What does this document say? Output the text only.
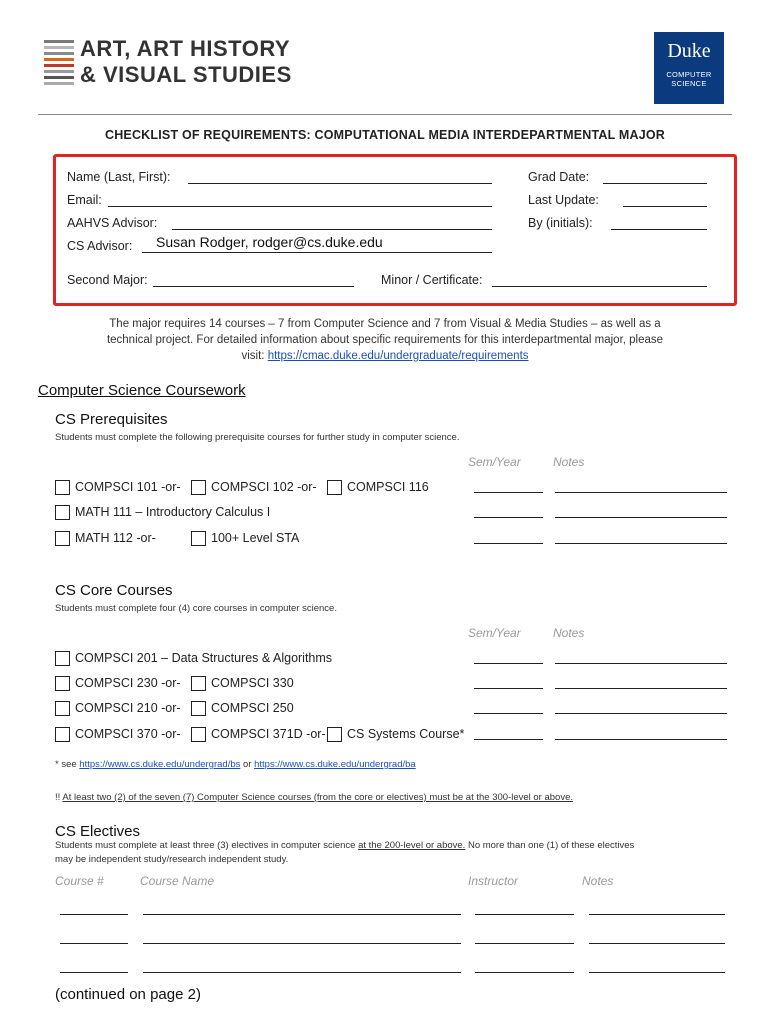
ART, ART HISTORY
& VISUAL STUDIES
Duke
COMPUTER
SCIENCE
CHECKLIST OF REQUIREMENTS: COMPUTATIONAL MEDIA INTERDEPARTMENTAL MAJOR
Name (Last, First):
Email:
AAHVS Advisor:
CS Advisor: Susan Rodger, rodger@cs.duke.edu
Grad Date:
Last Update:
By (initials):
Second Major:	Minor / Certificate:
The major requires 14 courses – 7 from Computer Science and 7 from Visual & Media Studies – as well as a
technical project. For detailed information about specific requirements for this interdepartmental major, please
visit: https://cmac.duke.edu/undergraduate/requirements
Computer Science Coursework
CS Prerequisites
Students must complete the following prerequisite courses for further study in computer science.
Sem/Year	Notes
COMPSCI 101 -or- COMPSCI 102 -or- COMPSCI 116
MATH 111 – Introductory Calculus I
MATH 112 -or-	100+ Level STA
CS Core Courses
Students must complete four (4) core courses in computer science.
Sem/Year	Notes
COMPSCI 201 – Data Structures & Algorithms
COMPSCI 230 -or- COMPSCI 330
COMPSCI 210 -or- COMPSCI 250
COMPSCI 370 -or- COMPSCI 371D -or- CS Systems Course*
* see https://www.cs.duke.edu/undergrad/bs or https://www.cs.duke.edu/undergrad/ba
!! At least two (2) of the seven (7) Computer Science courses (from the core or electives) must be at the 300-level or above.
CS Electives
Students must complete at least three (3) electives in computer science at the 200-level or above. No more than one (1) of these electives
may be independent study/research independent study.
Course #	Course Name	Instructor	Notes
(continued on page 2)
